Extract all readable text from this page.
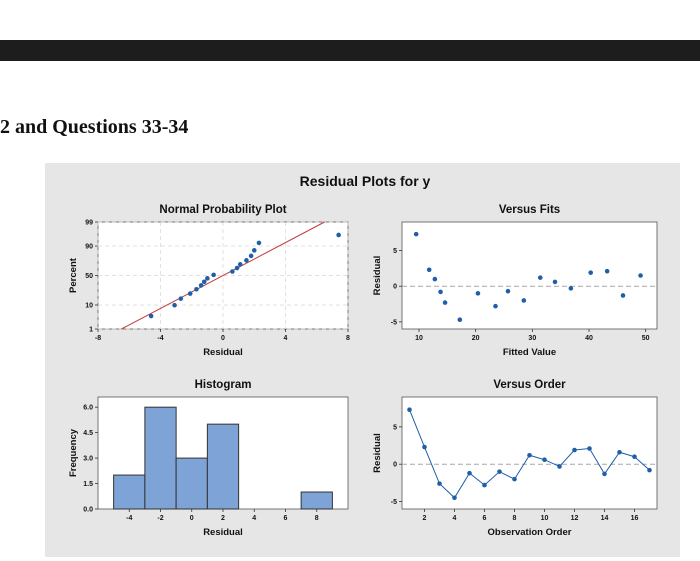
2 and Questions 33-34
Residual Plots for y
Normal Probability Plot
Residual
Percent
1
10
50
90
99
-8	-4	0	4	8
Versus Fits
Fitted Value
Residual
-5
0
5
10	20	30	40	50
Histogram
Residual
Frequency
0.0
1.5
3.0
4.5
6.0
-4	-2	0	2	4	6	8
Versus Order
Observation Order
Residual
-5
0
5
2	4	6	8	10	12	14	16
